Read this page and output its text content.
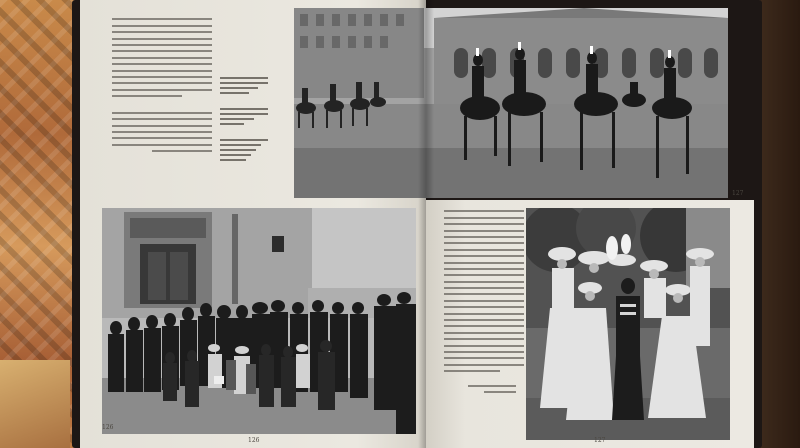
126
126	127
127
